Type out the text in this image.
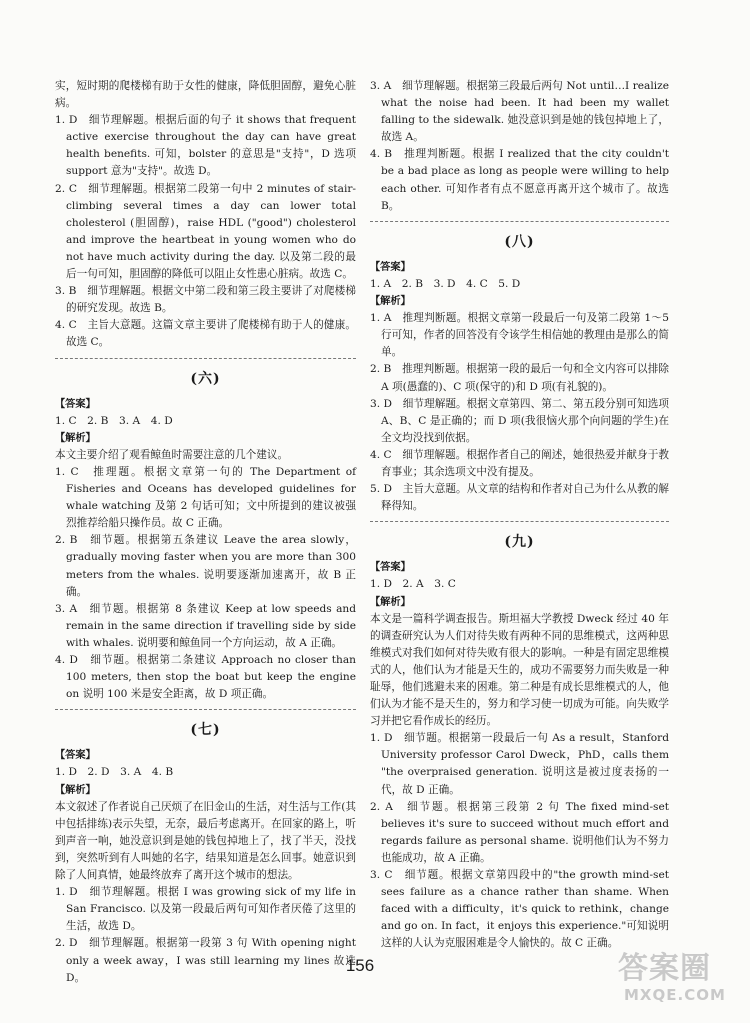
实，短时期的爬楼梯有助于女性的健康，降低胆固醇，避免心脏病。

1. D　细节理解题。根据后面的句子 it shows that frequent active exercise throughout the day can have great health benefits. 可知，bolster 的意思是"支持"，D 选项 support 意为"支持"。故选 D。

2. C　细节理解题。根据第二段第一句中 2 minutes of stair-climbing several times a day can lower total cholesterol (胆固醇)，raise HDL ("good") cholesterol and improve the heartbeat in young women who do not have much activity during the day. 以及第二段的最后一句可知，胆固醇的降低可以阻止女性患心脏病。故选 C。

3. B　细节理解题。根据文中第二段和第三段主要讲了对爬楼梯的研究发现。故选 B。

4. C　主旨大意题。这篇文章主要讲了爬楼梯有助于人的健康。故选 C。

(六)

【答案】

1. C　2. B　3. A　4. D

【解析】

本文主要介绍了观看鲸鱼时需要注意的几个建议。

1. C　推理题。根据文章第一句的 The Department of Fisheries and Oceans has developed guidelines for whale watching 及第 2 句话可知；文中所提到的建议被强烈推荐给船只操作员。故 C 正确。

2. B　细节题。根据第五条建议 Leave the area slowly，gradually moving faster when you are more than 300 meters from the whales. 说明要逐渐加速离开，故 B 正确。

3. A　细节题。根据第 8 条建议 Keep at low speeds and remain in the same direction if travelling side by side with whales. 说明要和鲸鱼同一个方向运动，故 A 正确。

4. D　细节题。根据第二条建议 Approach no closer than 100 meters, then stop the boat but keep the engine on 说明 100 米是安全距离，故 D 项正确。

(七)

【答案】

1. D　2. D　3. A　4. B

【解析】

本文叙述了作者说自己厌烦了在旧金山的生活，对生活与工作(其中包括排练)表示失望，无奈，最后考虑离开。在回家的路上，听到声音一响，她没意识到是她的钱包掉地上了，找了半天，没找到，突然听到有人叫她的名字，结果知道是怎么回事。她意识到除了人间真情，她最终放弃了离开这个城市的想法。

1. D　细节理解题。根据 I was growing sick of my life in San Francisco. 以及第一段最后两句可知作者厌倦了这里的生活，故选 D。

2. D　细节理解题。根据第一段第 3 句 With opening night only a week away，I was still learning my lines 故选 D。

3. A　细节理解题。根据第三段最后两句 Not until…I realize what the noise had been. It had been my wallet falling to the sidewalk. 她没意识到是她的钱包掉地上了，故选 A。

4. B　推理判断题。根据 I realized that the city couldn't be a bad place as long as people were willing to help each other. 可知作者有点不愿意再离开这个城市了。故选 B。

(八)

【答案】

1. A　2. B　3. D　4. C　5. D

【解析】

1. A　推理判断题。根据文章第一段最后一句及第二段第 1～5 行可知，作者的回答没有令该学生相信她的教理由是那么的简单。

2. B　推理判断题。根据第一段的最后一句和全文内容可以排除 A 项(愚蠢的)、C 项(保守的)和 D 项(有礼貌的)。

3. D　细节理解题。根据文章第四、第二、第五段分别可知选项 A、B、C 是正确的；而 D 项(我很恼火那个向问题的学生)在全文均没找到依据。

4. C　细节理解题。根据作者自己的阐述，她很热爱并献身于教育事业；其余选项文中没有提及。

5. D　主旨大意题。从文章的结构和作者对自己为什么从教的解释得知。

(九)

【答案】

1. D　2. A　3. C

【解析】

本文是一篇科学调查报告。斯坦福大学教授 Dweck 经过 40 年的调查研究认为人们对待失败有两种不同的思维模式，这两种思维模式对我们如何对待失败有很大的影响。一种是有固定思维模式的人，他们认为才能是天生的，成功不需要努力而失败是一种耻辱，他们逃避未来的困难。第二种是有成长思维模式的人，他们认为才能不是天生的，努力和学习使一切成为可能。向失败学习并把它看作成长的经历。

1. D　细节题。根据第一段最后一句 As a result，Stanford University professor Carol Dweck，PhD，calls them "the overpraised generation. 说明这是被过度表扬的一代，故 D 正确。

2. A　细节题。根据第三段第 2 句 The fixed mind-set believes it's sure to succeed without much effort and regards failure as personal shame. 说明他们认为不努力也能成功，故 A 正确。

3. C　细节题。根据文章第四段中的"the growth mind-set sees failure as a chance rather than shame. When faced with a difficulty，it's quick to rethink，change and go on. In fact，it enjoys this experience."可知说明这样的人认为克服困难是令人愉快的。故 C 正确。

156	答案圈
MXQE.COM
